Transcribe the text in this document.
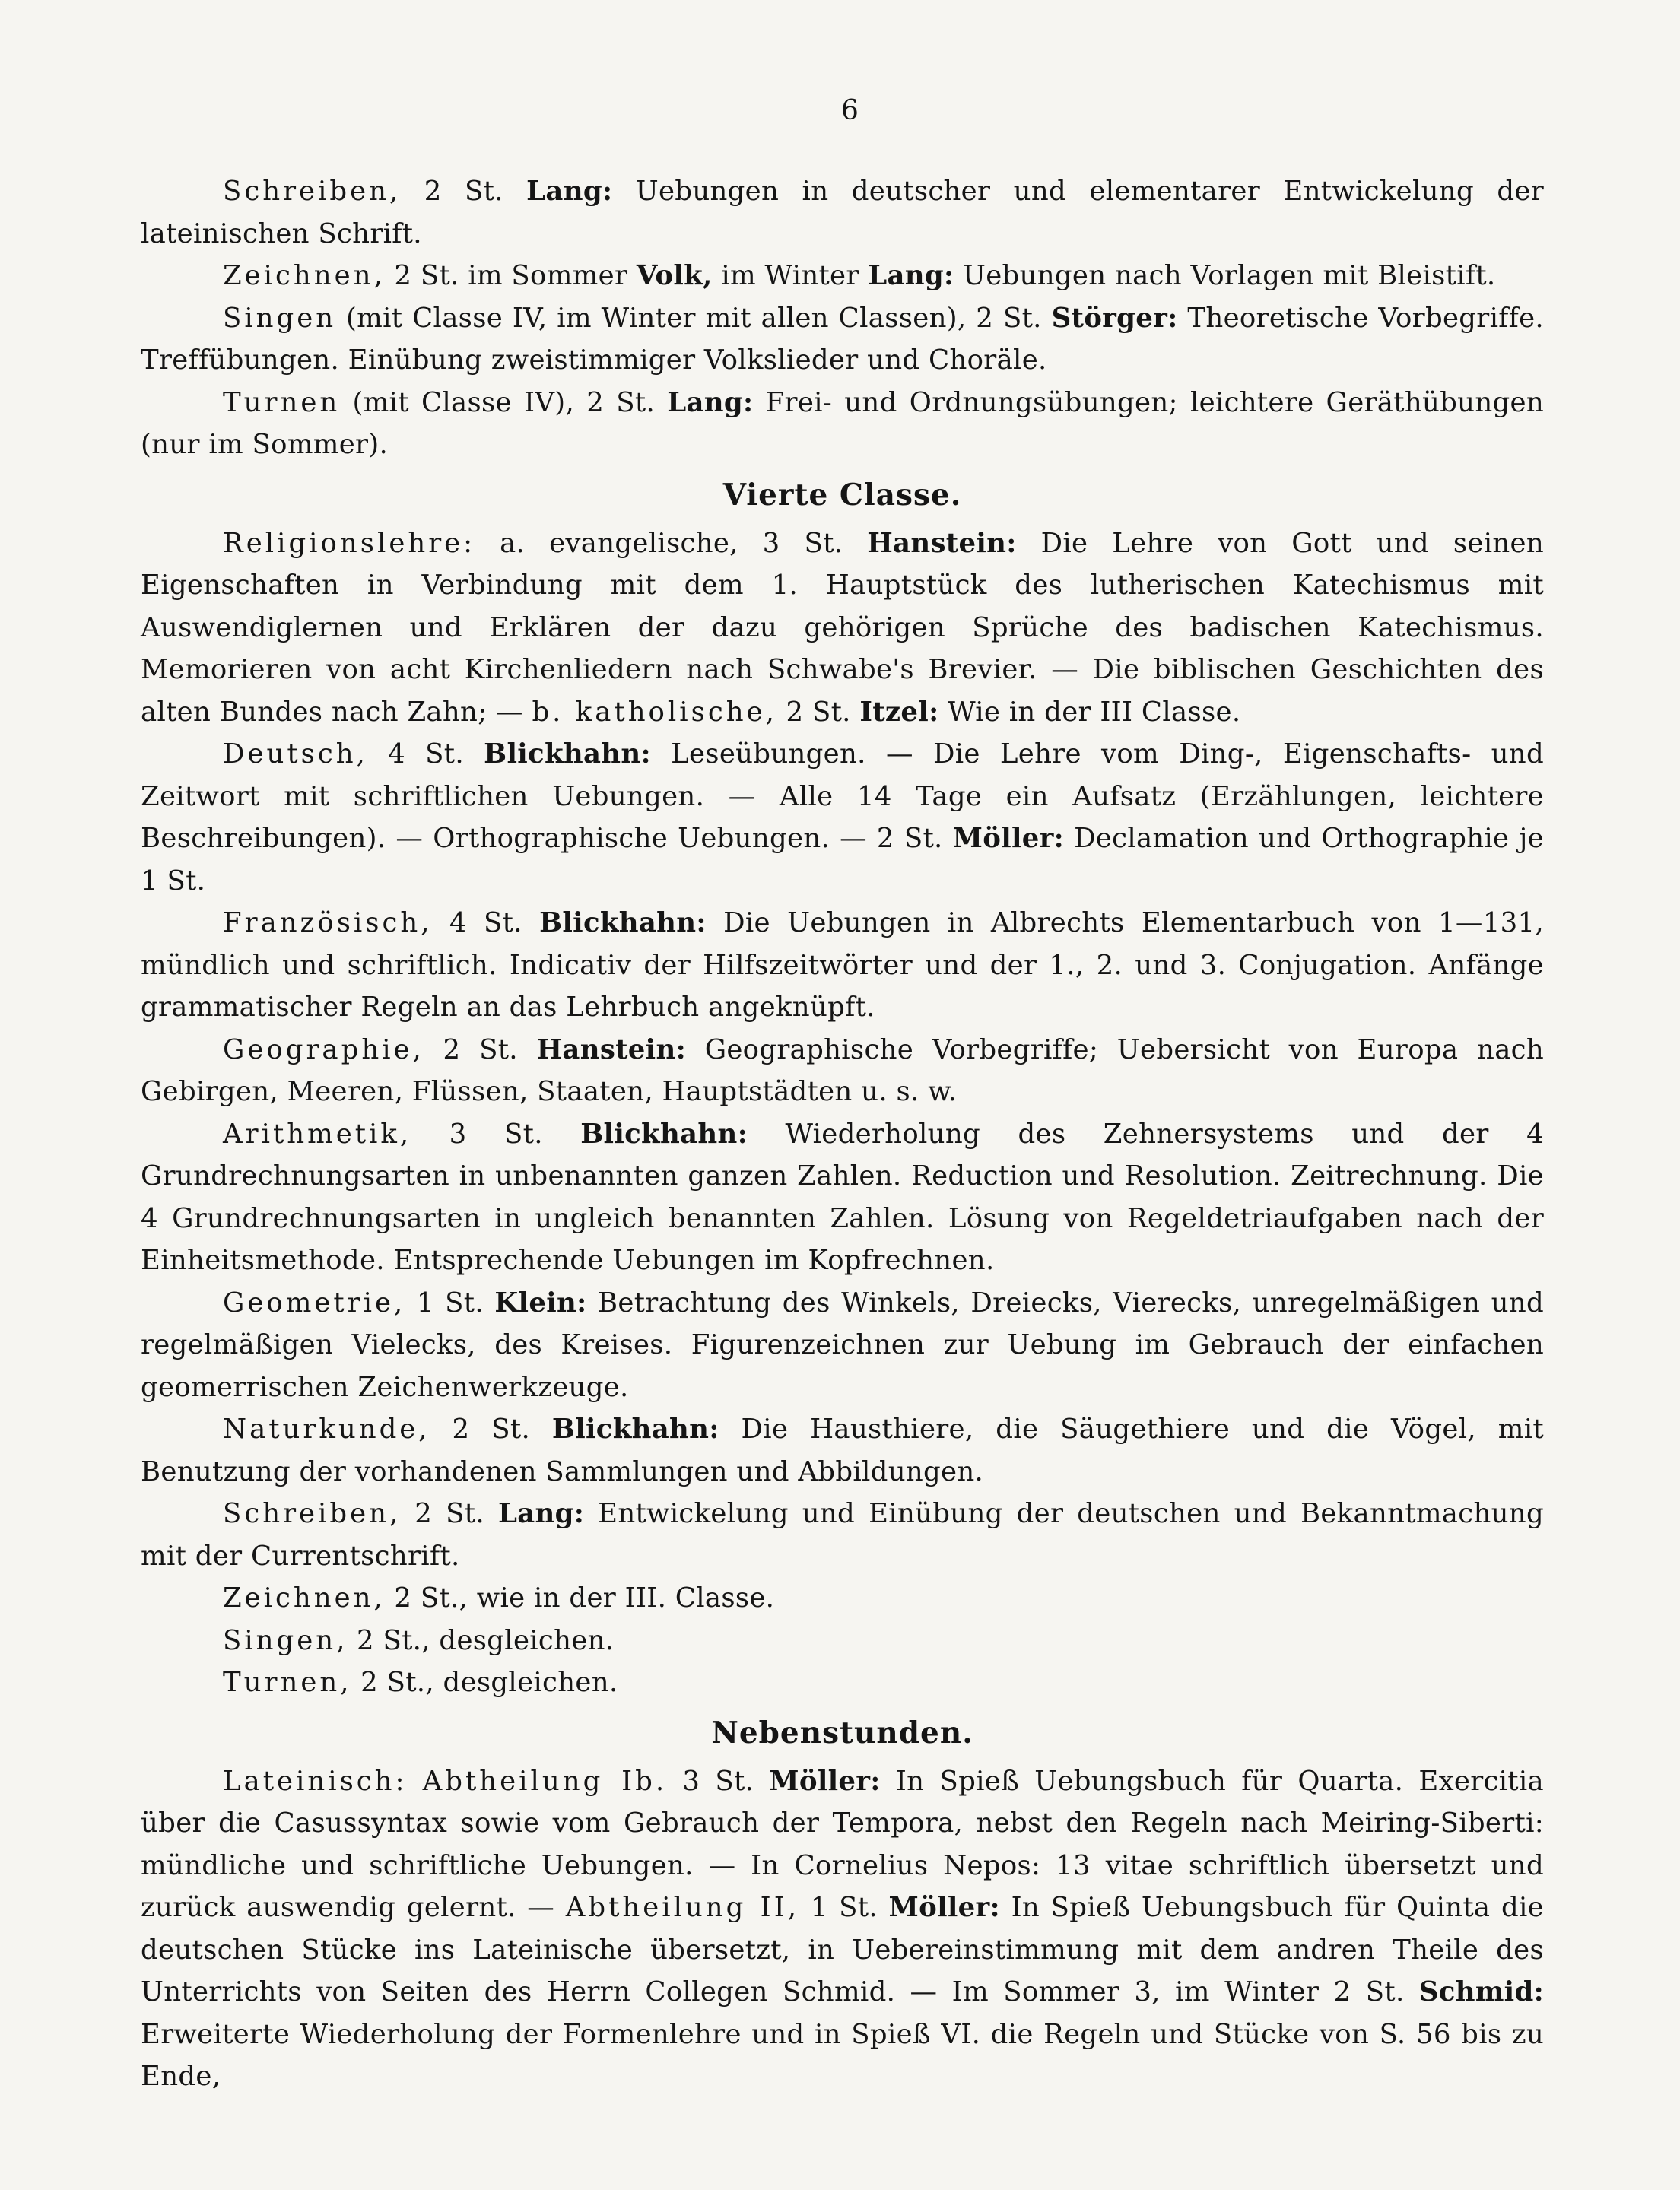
6

Schreiben, 2 St. Lang: Uebungen in deutscher und elementarer Entwickelung der lateinischen Schrift.

Zeichnen, 2 St. im Sommer Volk, im Winter Lang: Uebungen nach Vorlagen mit Bleistift.

Singen (mit Classe IV, im Winter mit allen Classen), 2 St. Störger: Theoretische Vorbegriffe. Treffübungen. Einübung zweistimmiger Volkslieder und Choräle.

Turnen (mit Classe IV), 2 St. Lang: Frei- und Ordnungsübungen; leichtere Geräthübungen (nur im Sommer).

Vierte Classe.

Religionslehre: a. evangelische, 3 St. Hanstein: Die Lehre von Gott und seinen Eigenschaften in Verbindung mit dem 1. Hauptstück des lutherischen Katechismus mit Auswendiglernen und Erklären der dazu gehörigen Sprüche des badischen Katechismus. Memorieren von acht Kirchenliedern nach Schwabe's Brevier. — Die biblischen Geschichten des alten Bundes nach Zahn; — b. katholische, 2 St. Itzel: Wie in der III Classe.

Deutsch, 4 St. Blickhahn: Leseübungen. — Die Lehre vom Ding-, Eigenschafts- und Zeitwort mit schriftlichen Uebungen. — Alle 14 Tage ein Aufsatz (Erzählungen, leichtere Beschreibungen). — Orthographische Uebungen. — 2 St. Möller: Declamation und Orthographie je 1 St.

Französisch, 4 St. Blickhahn: Die Uebungen in Albrechts Elementarbuch von 1—131, mündlich und schriftlich. Indicativ der Hilfszeitwörter und der 1., 2. und 3. Conjugation. Anfänge grammatischer Regeln an das Lehrbuch angeknüpft.

Geographie, 2 St. Hanstein: Geographische Vorbegriffe; Uebersicht von Europa nach Gebirgen, Meeren, Flüssen, Staaten, Hauptstädten u. s. w.

Arithmetik, 3 St. Blickhahn: Wiederholung des Zehnersystems und der 4 Grundrechnungsarten in unbenannten ganzen Zahlen. Reduction und Resolution. Zeitrechnung. Die 4 Grundrechnungsarten in ungleich benannten Zahlen. Lösung von Regeldetriaufgaben nach der Einheitsmethode. Entsprechende Uebungen im Kopfrechnen.

Geometrie, 1 St. Klein: Betrachtung des Winkels, Dreiecks, Vierecks, unregelmäßigen und regelmäßigen Vielecks, des Kreises. Figurenzeichnen zur Uebung im Gebrauch der einfachen geomerrischen Zeichenwerkzeuge.

Naturkunde, 2 St. Blickhahn: Die Hausthiere, die Säugethiere und die Vögel, mit Benutzung der vorhandenen Sammlungen und Abbildungen.

Schreiben, 2 St. Lang: Entwickelung und Einübung der deutschen und Bekanntmachung mit der Currentschrift.

Zeichnen, 2 St., wie in der III. Classe.

Singen, 2 St., desgleichen.

Turnen, 2 St., desgleichen.

Nebenstunden.

Lateinisch: Abtheilung Ib. 3 St. Möller: In Spieß Uebungsbuch für Quarta. Exercitia über die Casussyntax sowie vom Gebrauch der Tempora, nebst den Regeln nach Meiring-Siberti: mündliche und schriftliche Uebungen. — In Cornelius Nepos: 13 vitae schriftlich übersetzt und zurück auswendig gelernt. — Abtheilung II, 1 St. Möller: In Spieß Uebungsbuch für Quinta die deutschen Stücke ins Lateinische übersetzt, in Uebereinstimmung mit dem andren Theile des Unterrichts von Seiten des Herrn Collegen Schmid. — Im Sommer 3, im Winter 2 St. Schmid: Erweiterte Wiederholung der Formenlehre und in Spieß VI. die Regeln und Stücke von S. 56 bis zu Ende,
